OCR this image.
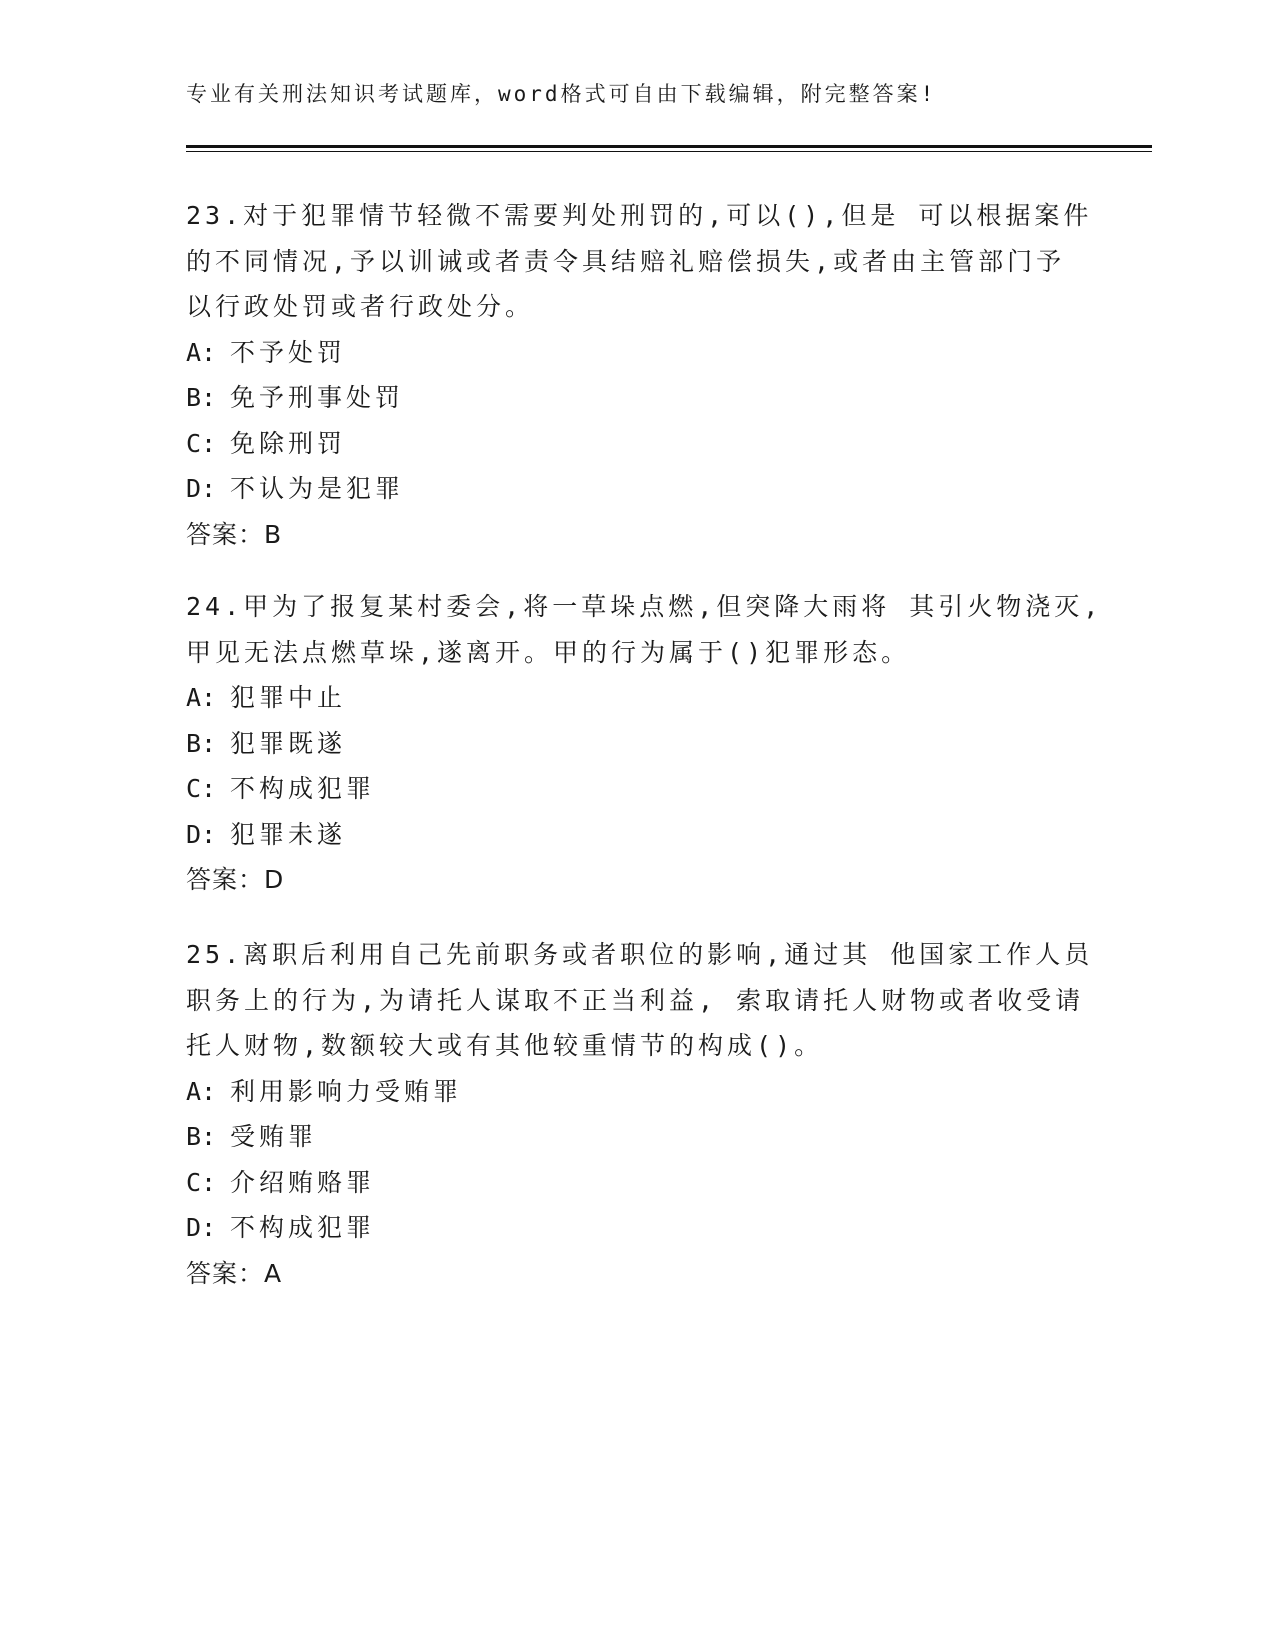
专业有关刑法知识考试题库，word格式可自由下载编辑，附完整答案!
23.对于犯罪情节轻微不需要判处刑罚的,可以(),但是 可以根据案件
的不同情况,予以训诫或者责令具结赔礼赔偿损失,或者由主管部门予
以行政处罚或者行政处分。
A: 不予处罚
B: 免予刑事处罚
C: 免除刑罚
D: 不认为是犯罪
答案：B
24.甲为了报复某村委会,将一草垛点燃,但突降大雨将 其引火物浇灭,
甲见无法点燃草垛,遂离开。甲的行为属于()犯罪形态。
A: 犯罪中止
B: 犯罪既遂
C: 不构成犯罪
D: 犯罪未遂
答案：D
25.离职后利用自己先前职务或者职位的影响,通过其 他国家工作人员
职务上的行为,为请托人谋取不正当利益, 索取请托人财物或者收受请
托人财物,数额较大或有其他较重情节的构成()。
A: 利用影响力受贿罪
B: 受贿罪
C: 介绍贿赂罪
D: 不构成犯罪
答案：A
